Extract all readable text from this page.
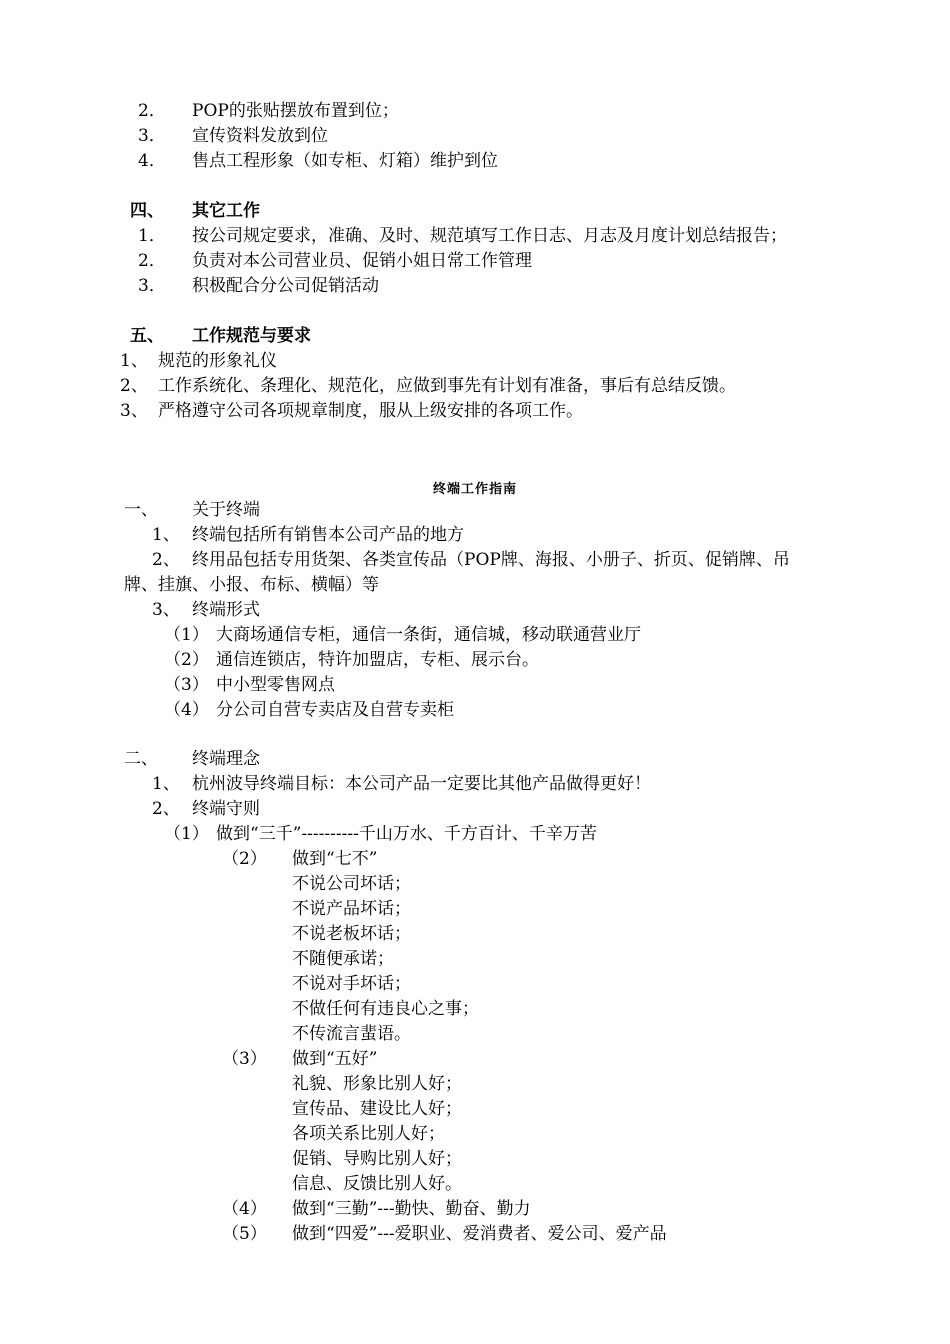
2． POP的张贴摆放布置到位；
3． 宣传资料发放到位
4． 售点工程形象（如专柜、灯箱）维护到位
四、 其它工作
1． 按公司规定要求，准确、及时、规范填写工作日志、月志及月度计划总结报告；
2． 负责对本公司营业员、促销小姐日常工作管理
3． 积极配合分公司促销活动
五、 工作规范与要求
1、 规范的形象礼仪
2、 工作系统化、条理化、规范化，应做到事先有计划有准备，事后有总结反馈。
3、 严格遵守公司各项规章制度，服从上级安排的各项工作。
终端工作指南
一、 关于终端
1、 终端包括所有销售本公司产品的地方
2、 终用品包括专用货架、各类宣传品（POP牌、海报、小册子、折页、促销牌、吊
牌、挂旗、小报、布标、横幅）等
3、 终端形式
（1） 大商场通信专柜，通信一条街，通信城，移动联通营业厅
（2） 通信连锁店，特许加盟店，专柜、展示台。
（3） 中小型零售网点
（4） 分公司自营专卖店及自营专卖柜
二、 终端理念
1、 杭州波导终端目标：本公司产品一定要比其他产品做得更好！
2、 终端守则
（1） 做到“三千”----------千山万水、千方百计、千辛万苦
（2） 做到“七不”
不说公司坏话；
不说产品坏话；
不说老板坏话；
不随便承诺；
不说对手坏话；
不做任何有违良心之事；
不传流言蜚语。
（3） 做到“五好”
礼貌、形象比别人好；
宣传品、建设比人好；
各项关系比别人好；
促销、导购比别人好；
信息、反馈比别人好。
（4） 做到“三勤”---勤快、勤奋、勤力
（5） 做到“四爱”---爱职业、爱消费者、爱公司、爱产品
